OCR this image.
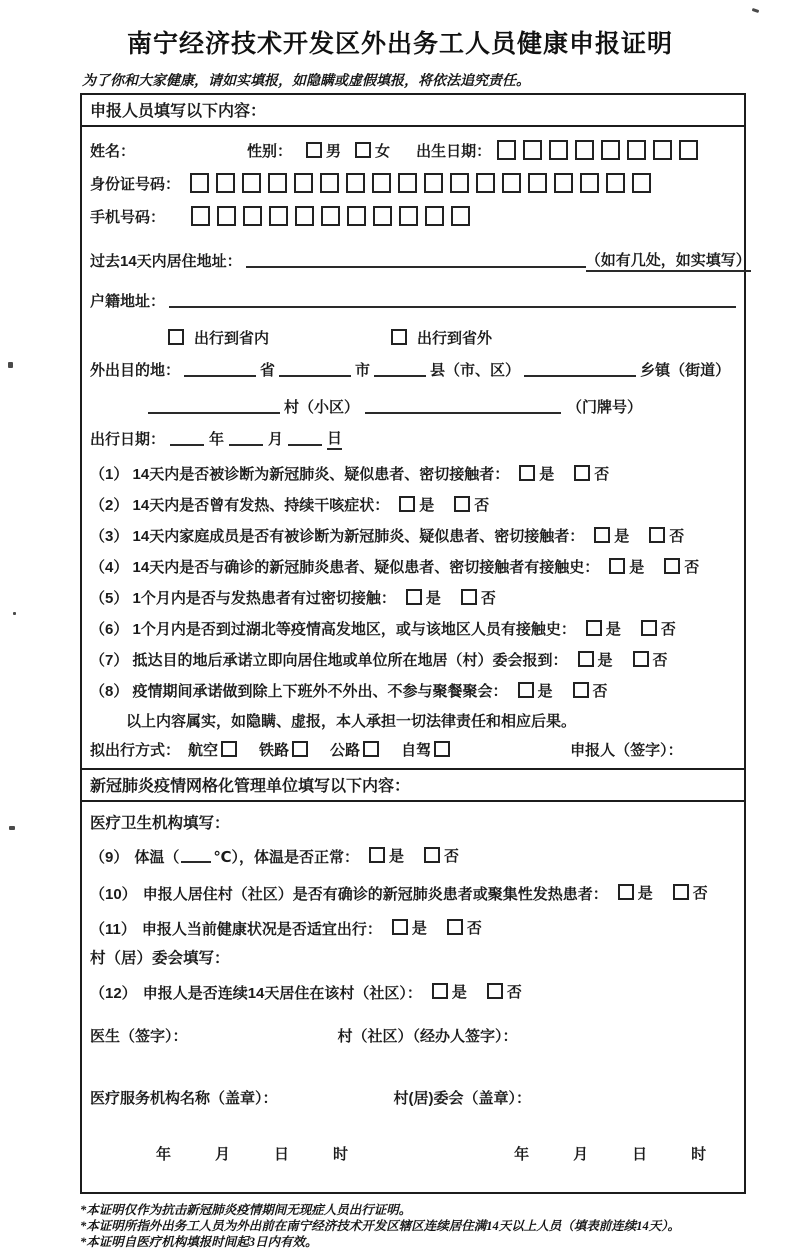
南宁经济技术开发区外出务工人员健康申报证明
为了你和大家健康，请如实填报，如隐瞒或虚假填报，将依法追究责任。
申报人员填写以下内容：
姓名：	性别： 男 女 出生日期：
身份证号码：
手机号码：
过去14天内居住地址：	（如有几处，如实填写）
户籍地址：
出行到省内	出行到省外
外出目的地：	省	市	县（市、区）	乡镇（街道）
村（小区）	（门牌号）
出行日期：	年	月	日
（1） 14天内是否被诊断为新冠肺炎、疑似患者、密切接触者： 是	否
（2） 14天内是否曾有发热、持续干咳症状： 是	否
（3） 14天内家庭成员是否有被诊断为新冠肺炎、疑似患者、密切接触者： 是	否
（4） 14天内是否与确诊的新冠肺炎患者、疑似患者、密切接触者有接触史： 是	否
（5） 1个月内是否与发热患者有过密切接触： 是	否
（6） 1个月内是否到过湖北等疫情高发地区，或与该地区人员有接触史： 是	否
（7） 抵达目的地后承诺立即向居住地或单位所在地居（村）委会报到： 是	否
（8） 疫情期间承诺做到除上下班外不外出、不参与聚餐聚会： 是	否
以上内容属实，如隐瞒、虚报，本人承担一切法律责任和相应后果。
拟出行方式： 航空	铁路	公路	自驾	申报人（签字）：
新冠肺炎疫情网格化管理单位填写以下内容：
医疗卫生机构填写：
（9） 体温（ ℃），体温是否正常： 是	否
（10） 申报人居住村（社区）是否有确诊的新冠肺炎患者或聚集性发热患者： 是	否
（11） 申报人当前健康状况是否适宜出行： 是	否
村（居）委会填写：
（12） 申报人是否连续14天居住在该村（社区）： 是	否
医生（签字）：	村（社区）（经办人签字）：
医疗服务机构名称（盖章）：	村(居)委会（盖章）：
年	月	日	时	年	月	日	时
*本证明仅作为抗击新冠肺炎疫情期间无现症人员出行证明。
*本证明所指外出务工人员为外出前在南宁经济技术开发区辖区连续居住满14天以上人员（填表前连续14天）。
*本证明自医疗机构填报时间起3日内有效。
